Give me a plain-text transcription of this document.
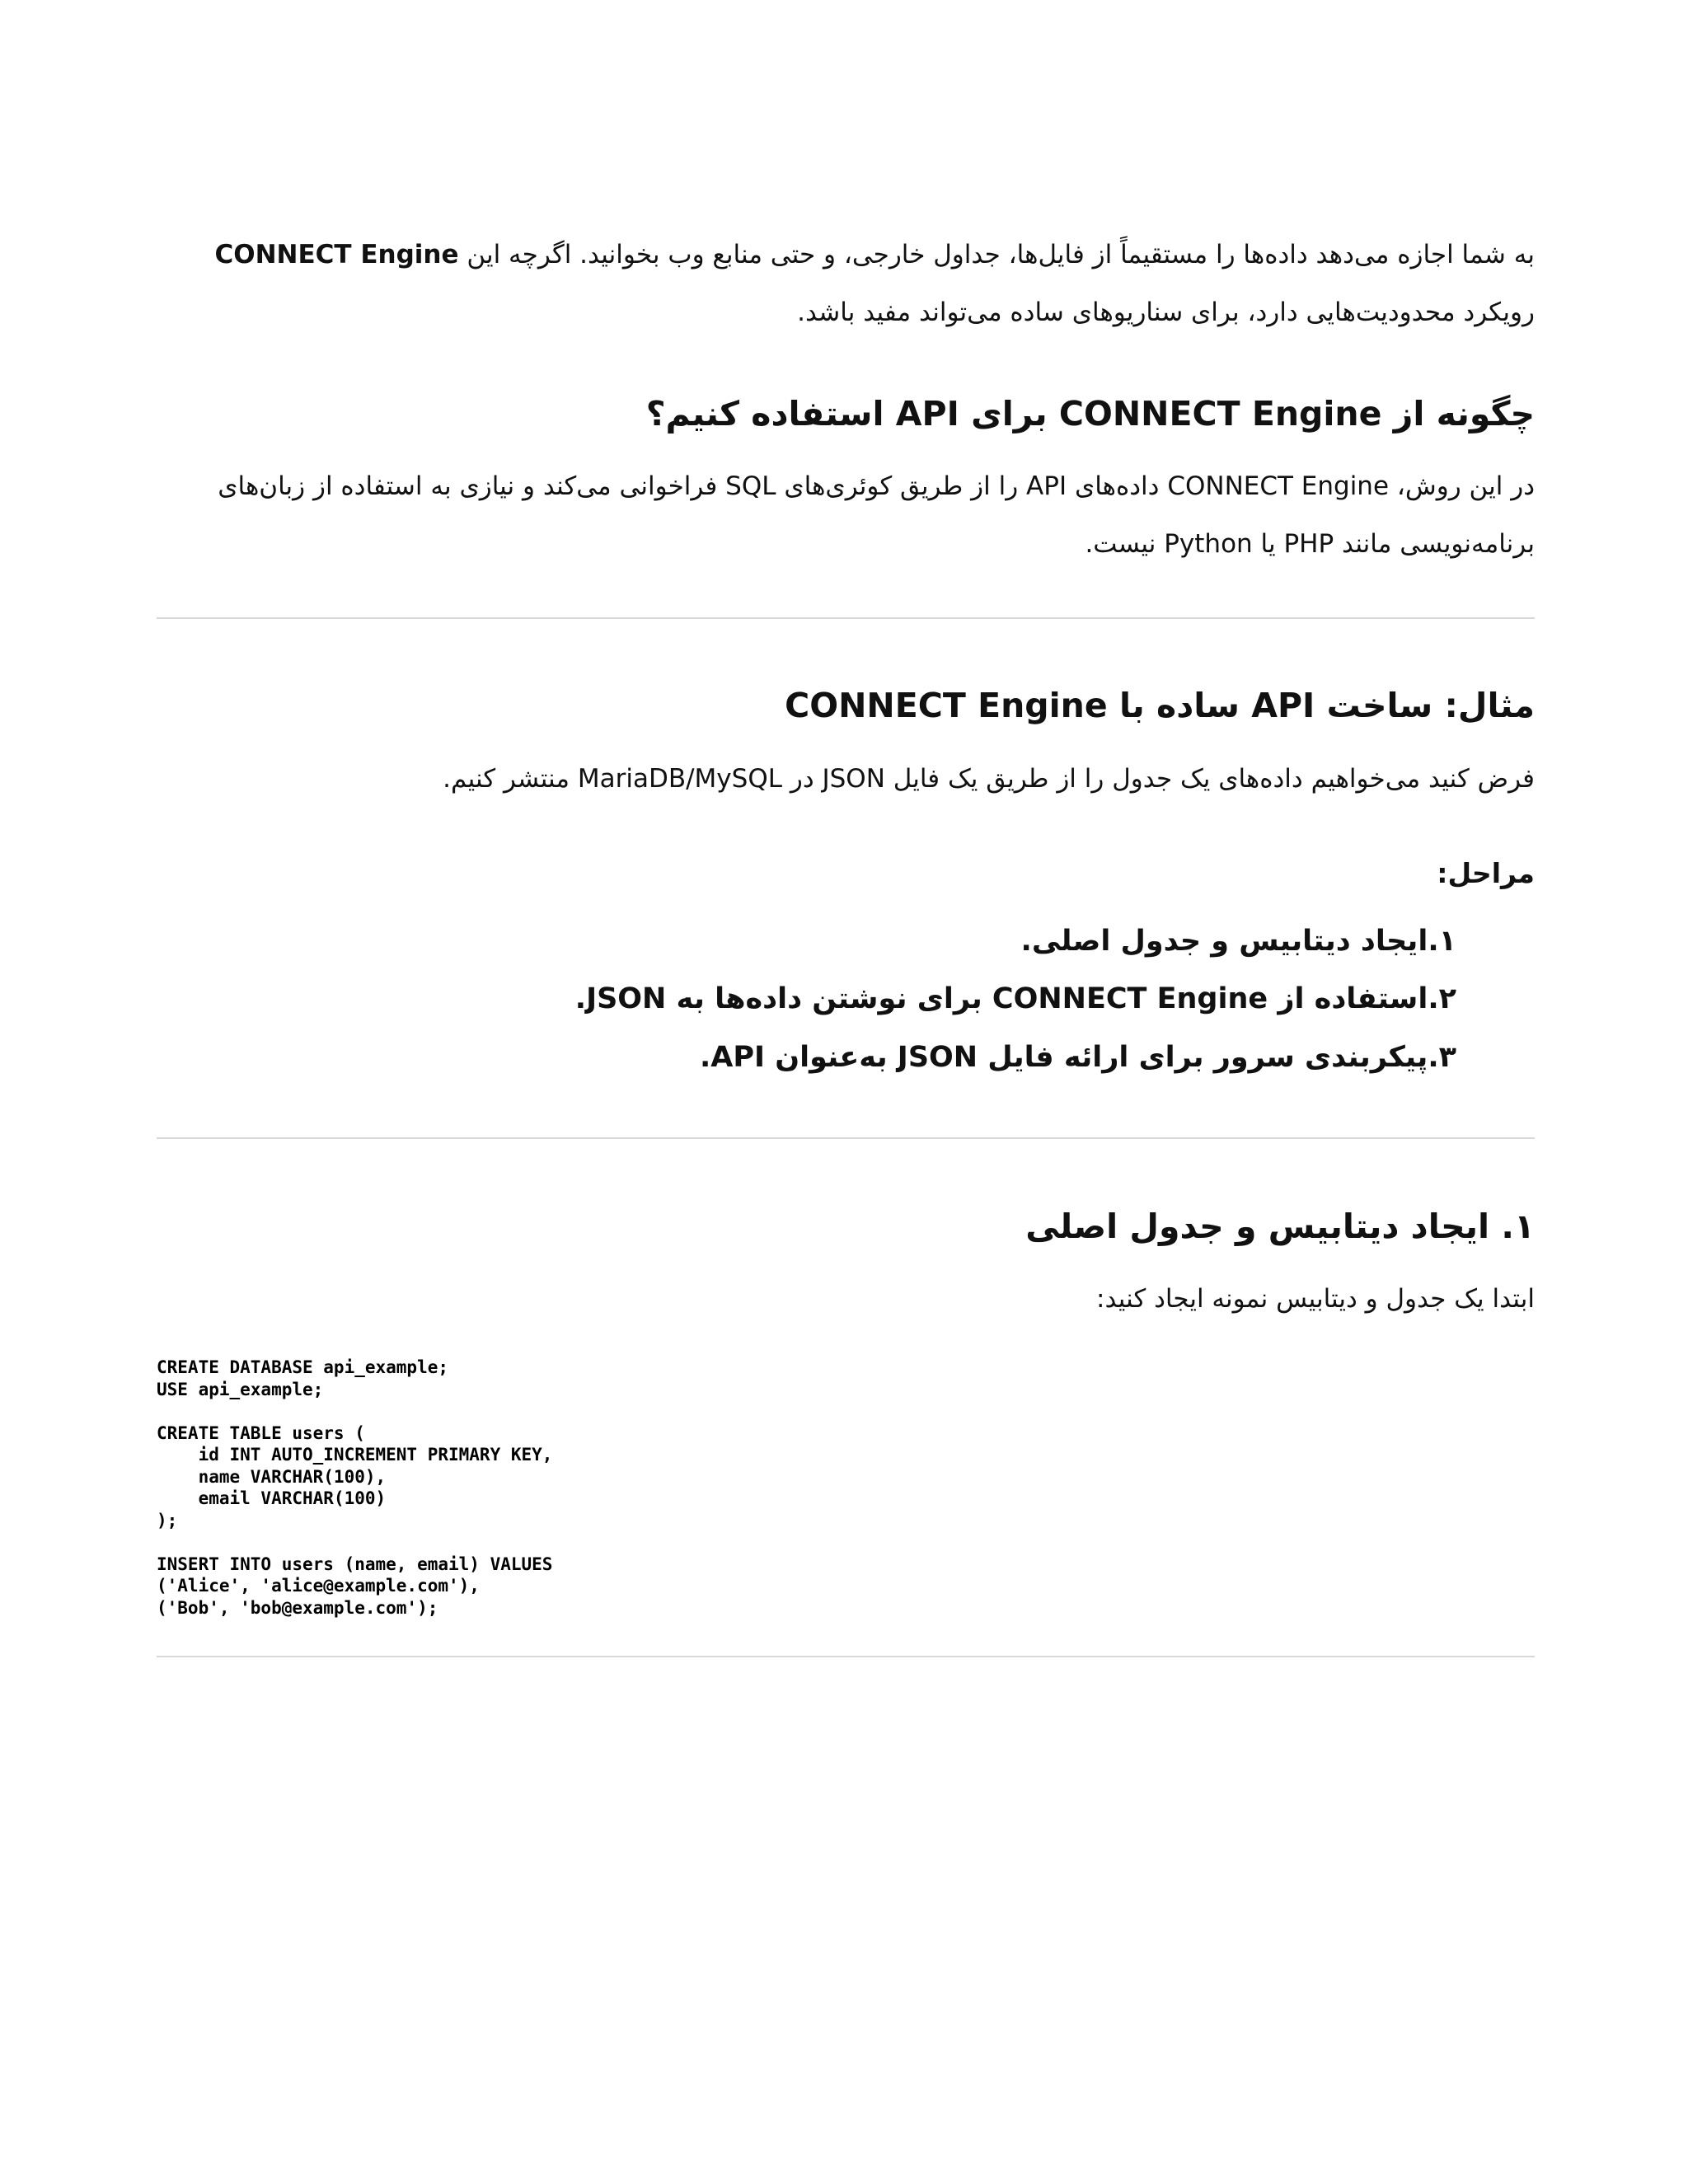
CONNECT Engine به شما اجازه می‌دهد داده‌ها را مستقیماً از فایل‌ها، جداول خارجی، و حتی منابع وب بخوانید. اگرچه این
رویکرد محدودیت‌هایی دارد، برای سناریوهای ساده می‌تواند مفید باشد.

چگونه از CONNECT Engine برای API استفاده کنیم؟

در این روش، CONNECT Engine داده‌های API را از طریق کوئری‌های SQL فراخوانی می‌کند و نیازی به استفاده از زبان‌های
برنامه‌نویسی مانند PHP یا Python نیست.

مثال: ساخت API ساده با CONNECT Engine

فرض کنید می‌خواهیم داده‌های یک جدول را از طریق یک فایل JSON در MariaDB/MySQL منتشر کنیم.

مراحل:
۱.ایجاد دیتابیس و جدول اصلی.
۲.استفاده از CONNECT Engine برای نوشتن داده‌ها به JSON.
۳.پیکربندی سرور برای ارائه فایل JSON به‌عنوان API.
۱. ایجاد دیتابیس و جدول اصلی

ابتدا یک جدول و دیتابیس نمونه ایجاد کنید:

CREATE DATABASE api_example;
USE api_example;

CREATE TABLE users (
id INT AUTO_INCREMENT PRIMARY KEY,
name VARCHAR(100),
email VARCHAR(100)
);

INSERT INTO users (name, email) VALUES
('Alice', 'alice@example.com'),
('Bob', 'bob@example.com');
